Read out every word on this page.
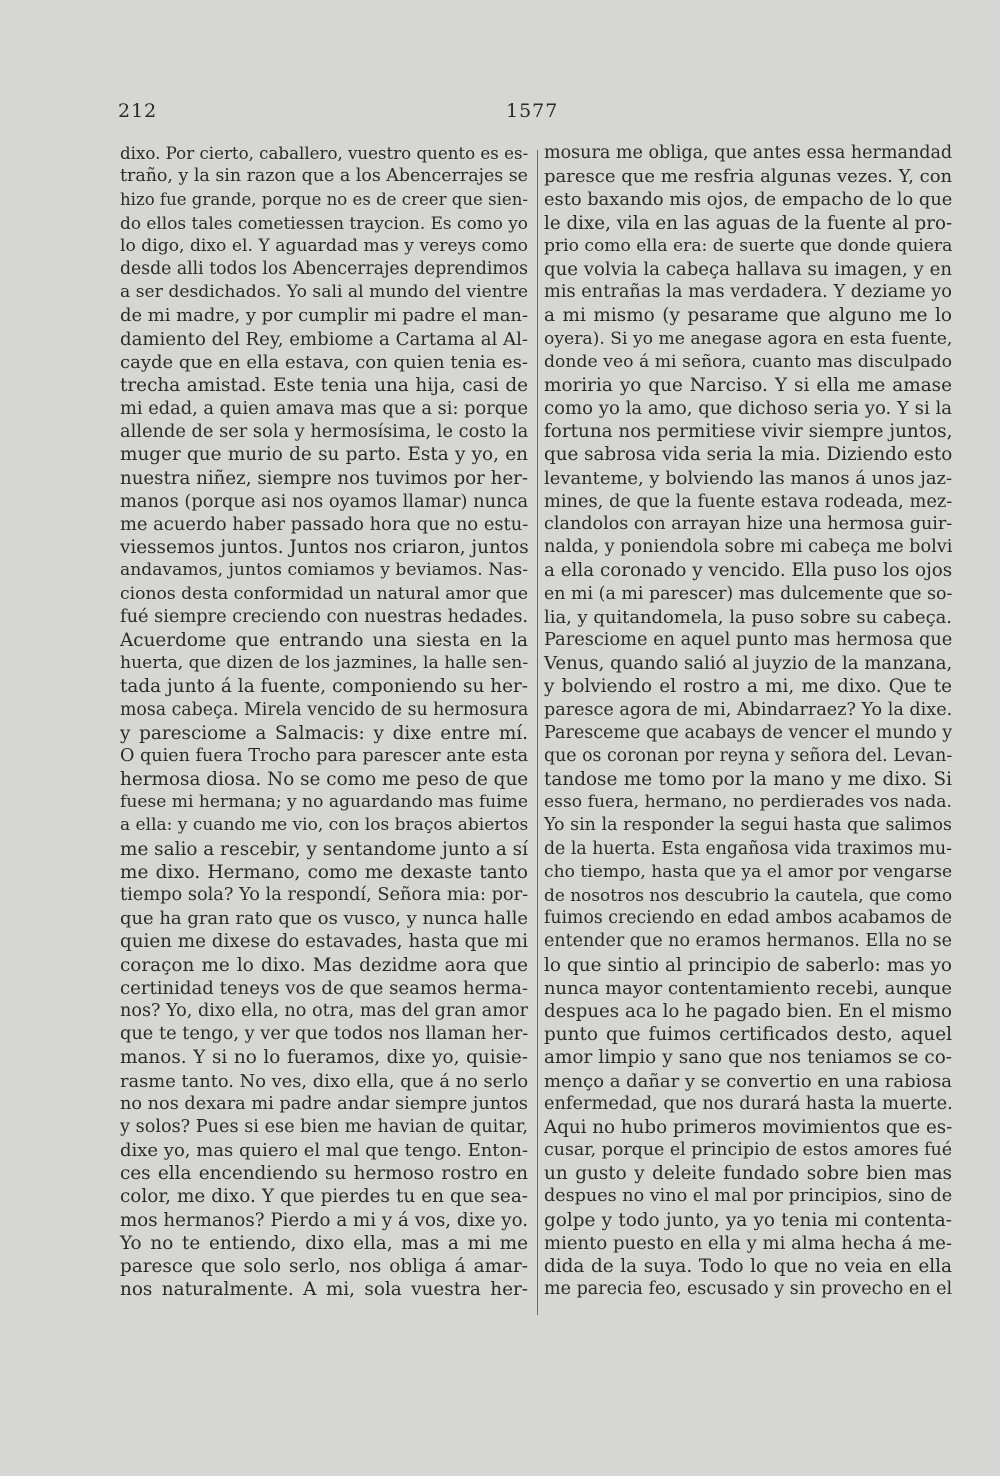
212	1577
dixo. Por cierto, caballero, vuestro quento es es-
traño, y la sin razon que a los Abencerrajes se
hizo fue grande, porque no es de creer que sien-
do ellos tales cometiessen traycion. Es como yo
lo digo, dixo el. Y aguardad mas y vereys como
desde alli todos los Abencerrajes deprendimos
a ser desdichados. Yo sali al mundo del vientre
de mi madre, y por cumplir mi padre el man-
damiento del Rey, embiome a Cartama al Al-
cayde que en ella estava, con quien tenia es-
trecha amistad. Este tenia una hija, casi de
mi edad, a quien amava mas que a si: porque
allende de ser sola y hermosísima, le costo la
muger que murio de su parto. Esta y yo, en
nuestra niñez, siempre nos tuvimos por her-
manos (porque asi nos oyamos llamar) nunca
me acuerdo haber passado hora que no estu-
viessemos juntos. Juntos nos criaron, juntos
andavamos, juntos comiamos y beviamos. Nas-
cionos desta conformidad un natural amor que
fué siempre creciendo con nuestras hedades.
Acuerdome que entrando una siesta en la
huerta, que dizen de los jazmines, la halle sen-
tada junto á la fuente, componiendo su her-
mosa cabeça. Mirela vencido de su hermosura
y paresciome a Salmacis: y dixe entre mí.
O quien fuera Trocho para parescer ante esta
hermosa diosa. No se como me peso de que
fuese mi hermana; y no aguardando mas fuime
a ella: y cuando me vio, con los braços abiertos
me salio a rescebir, y sentandome junto a sí
me dixo. Hermano, como me dexaste tanto
tiempo sola? Yo la respondí, Señora mia: por-
que ha gran rato que os vusco, y nunca halle
quien me dixese do estavades, hasta que mi
coraçon me lo dixo. Mas dezidme aora que
certinidad teneys vos de que seamos herma-
nos? Yo, dixo ella, no otra, mas del gran amor
que te tengo, y ver que todos nos llaman her-
manos. Y si no lo fueramos, dixe yo, quisie-
rasme tanto. No ves, dixo ella, que á no serlo
no nos dexara mi padre andar siempre juntos
y solos? Pues si ese bien me havian de quitar,
dixe yo, mas quiero el mal que tengo. Enton-
ces ella encendiendo su hermoso rostro en
color, me dixo. Y que pierdes tu en que sea-
mos hermanos? Pierdo a mi y á vos, dixe yo.
Yo no te entiendo, dixo ella, mas a mi me
paresce que solo serlo, nos obliga á amar-
nos naturalmente. A mi, sola vuestra her-
mosura me obliga, que antes essa hermandad
paresce que me resfria algunas vezes. Y, con
esto baxando mis ojos, de empacho de lo que
le dixe, vila en las aguas de la fuente al pro-
prio como ella era: de suerte que donde quiera
que volvia la cabeça hallava su imagen, y en
mis entrañas la mas verdadera. Y deziame yo
a mi mismo (y pesarame que alguno me lo
oyera). Si yo me anegase agora en esta fuente,
donde veo á mi señora, cuanto mas disculpado
moriria yo que Narciso. Y si ella me amase
como yo la amo, que dichoso seria yo. Y si la
fortuna nos permitiese vivir siempre juntos,
que sabrosa vida seria la mia. Diziendo esto
levanteme, y bolviendo las manos á unos jaz-
mines, de que la fuente estava rodeada, mez-
clandolos con arrayan hize una hermosa guir-
nalda, y poniendola sobre mi cabeça me bolvi
a ella coronado y vencido. Ella puso los ojos
en mi (a mi parescer) mas dulcemente que so-
lia, y quitandomela, la puso sobre su cabeça.
Paresciome en aquel punto mas hermosa que
Venus, quando salió al juyzio de la manzana,
y bolviendo el rostro a mi, me dixo. Que te
paresce agora de mi, Abindarraez? Yo la dixe.
Paresceme que acabays de vencer el mundo y
que os coronan por reyna y señora del. Levan-
tandose me tomo por la mano y me dixo. Si
esso fuera, hermano, no perdierades vos nada.
Yo sin la responder la segui hasta que salimos
de la huerta. Esta engañosa vida traximos mu-
cho tiempo, hasta que ya el amor por vengarse
de nosotros nos descubrio la cautela, que como
fuimos creciendo en edad ambos acabamos de
entender que no eramos hermanos. Ella no se
lo que sintio al principio de saberlo: mas yo
nunca mayor contentamiento recebi, aunque
despues aca lo he pagado bien. En el mismo
punto que fuimos certificados desto, aquel
amor limpio y sano que nos teniamos se co-
menço a dañar y se convertio en una rabiosa
enfermedad, que nos durará hasta la muerte.
Aqui no hubo primeros movimientos que es-
cusar, porque el principio de estos amores fué
un gusto y deleite fundado sobre bien mas
despues no vino el mal por principios, sino de
golpe y todo junto, ya yo tenia mi contenta-
miento puesto en ella y mi alma hecha á me-
dida de la suya. Todo lo que no veia en ella
me parecia feo, escusado y sin provecho en el
